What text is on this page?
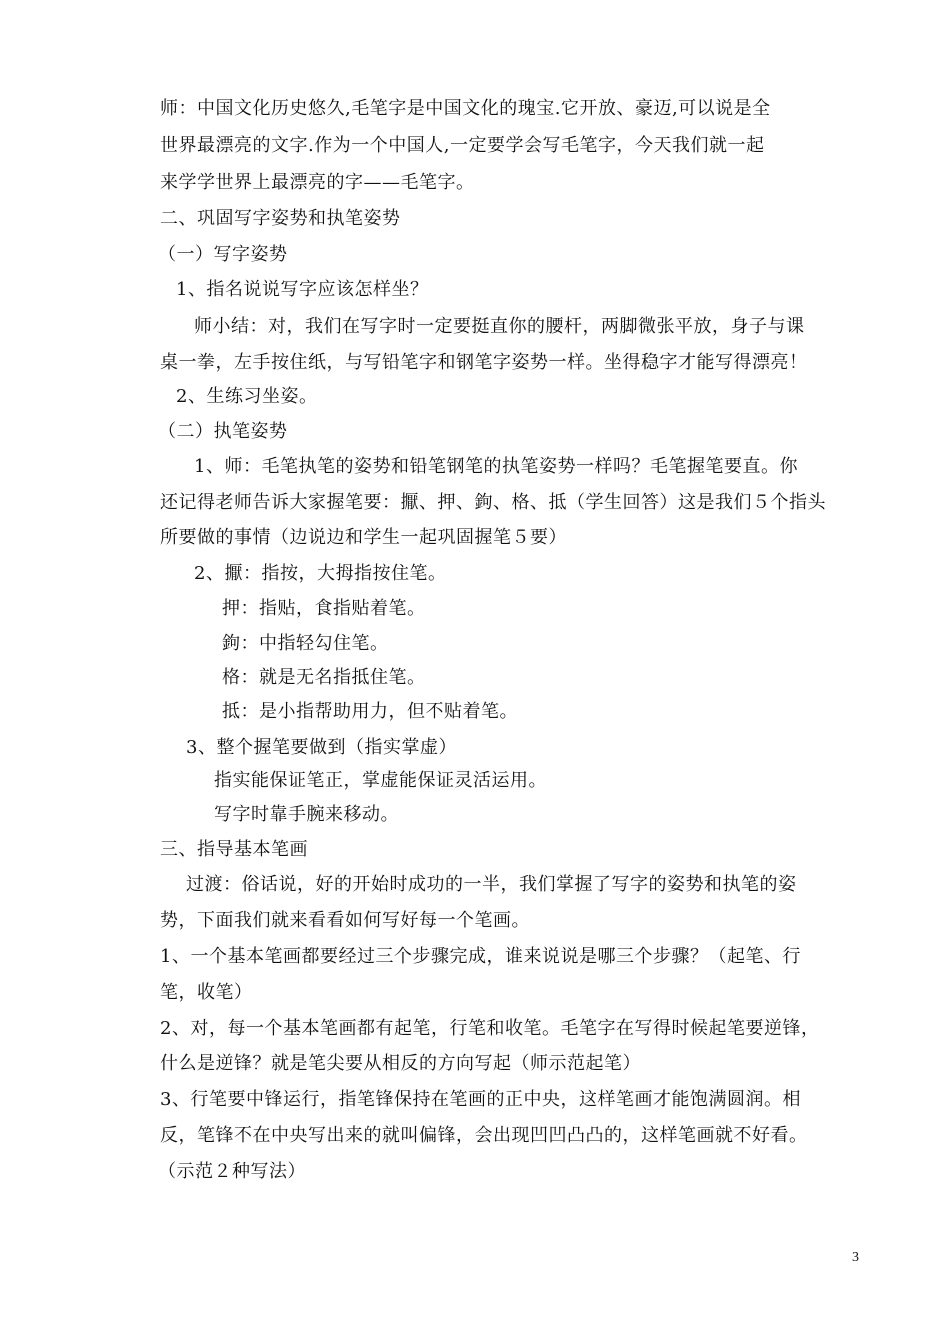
师：中国文化历史悠久,毛笔字是中国文化的瑰宝.它开放、豪迈,可以说是全
世界最漂亮的文字.作为一个中国人,一定要学会写毛笔字，今天我们就一起
来学学世界上最漂亮的字——毛笔字。
二、巩固写字姿势和执笔姿势
（一）写字姿势
1、指名说说写字应该怎样坐？
师小结：对，我们在写字时一定要挺直你的腰杆，两脚微张平放，身子与课
桌一拳，左手按住纸，与写铅笔字和钢笔字姿势一样。坐得稳字才能写得漂亮！
2、生练习坐姿。
（二）执笔姿势
1、师：毛笔执笔的姿势和铅笔钢笔的执笔姿势一样吗？毛笔握笔要直。你
还记得老师告诉大家握笔要：擫、押、鉤、格、抵（学生回答）这是我们５个指头
所要做的事情（边说边和学生一起巩固握笔５要）
2、擫：指按，大拇指按住笔。
押：指贴，食指贴着笔。
鉤：中指轻勾住笔。
格：就是无名指抵住笔。
抵：是小指帮助用力，但不贴着笔。
3、整个握笔要做到（指实掌虚）
指实能保证笔正，掌虚能保证灵活运用。
写字时靠手腕来移动。
三、指导基本笔画
过渡：俗话说，好的开始时成功的一半，我们掌握了写字的姿势和执笔的姿
势，下面我们就来看看如何写好每一个笔画。
1、一个基本笔画都要经过三个步骤完成，谁来说说是哪三个步骤？（起笔、行
笔，收笔）
2、对，每一个基本笔画都有起笔，行笔和收笔。毛笔字在写得时候起笔要逆锋，
什么是逆锋？就是笔尖要从相反的方向写起（师示范起笔）
3、行笔要中锋运行，指笔锋保持在笔画的正中央，这样笔画才能饱满圆润。相
反，笔锋不在中央写出来的就叫偏锋，会出现凹凹凸凸的，这样笔画就不好看。
（示范２种写法）
3
